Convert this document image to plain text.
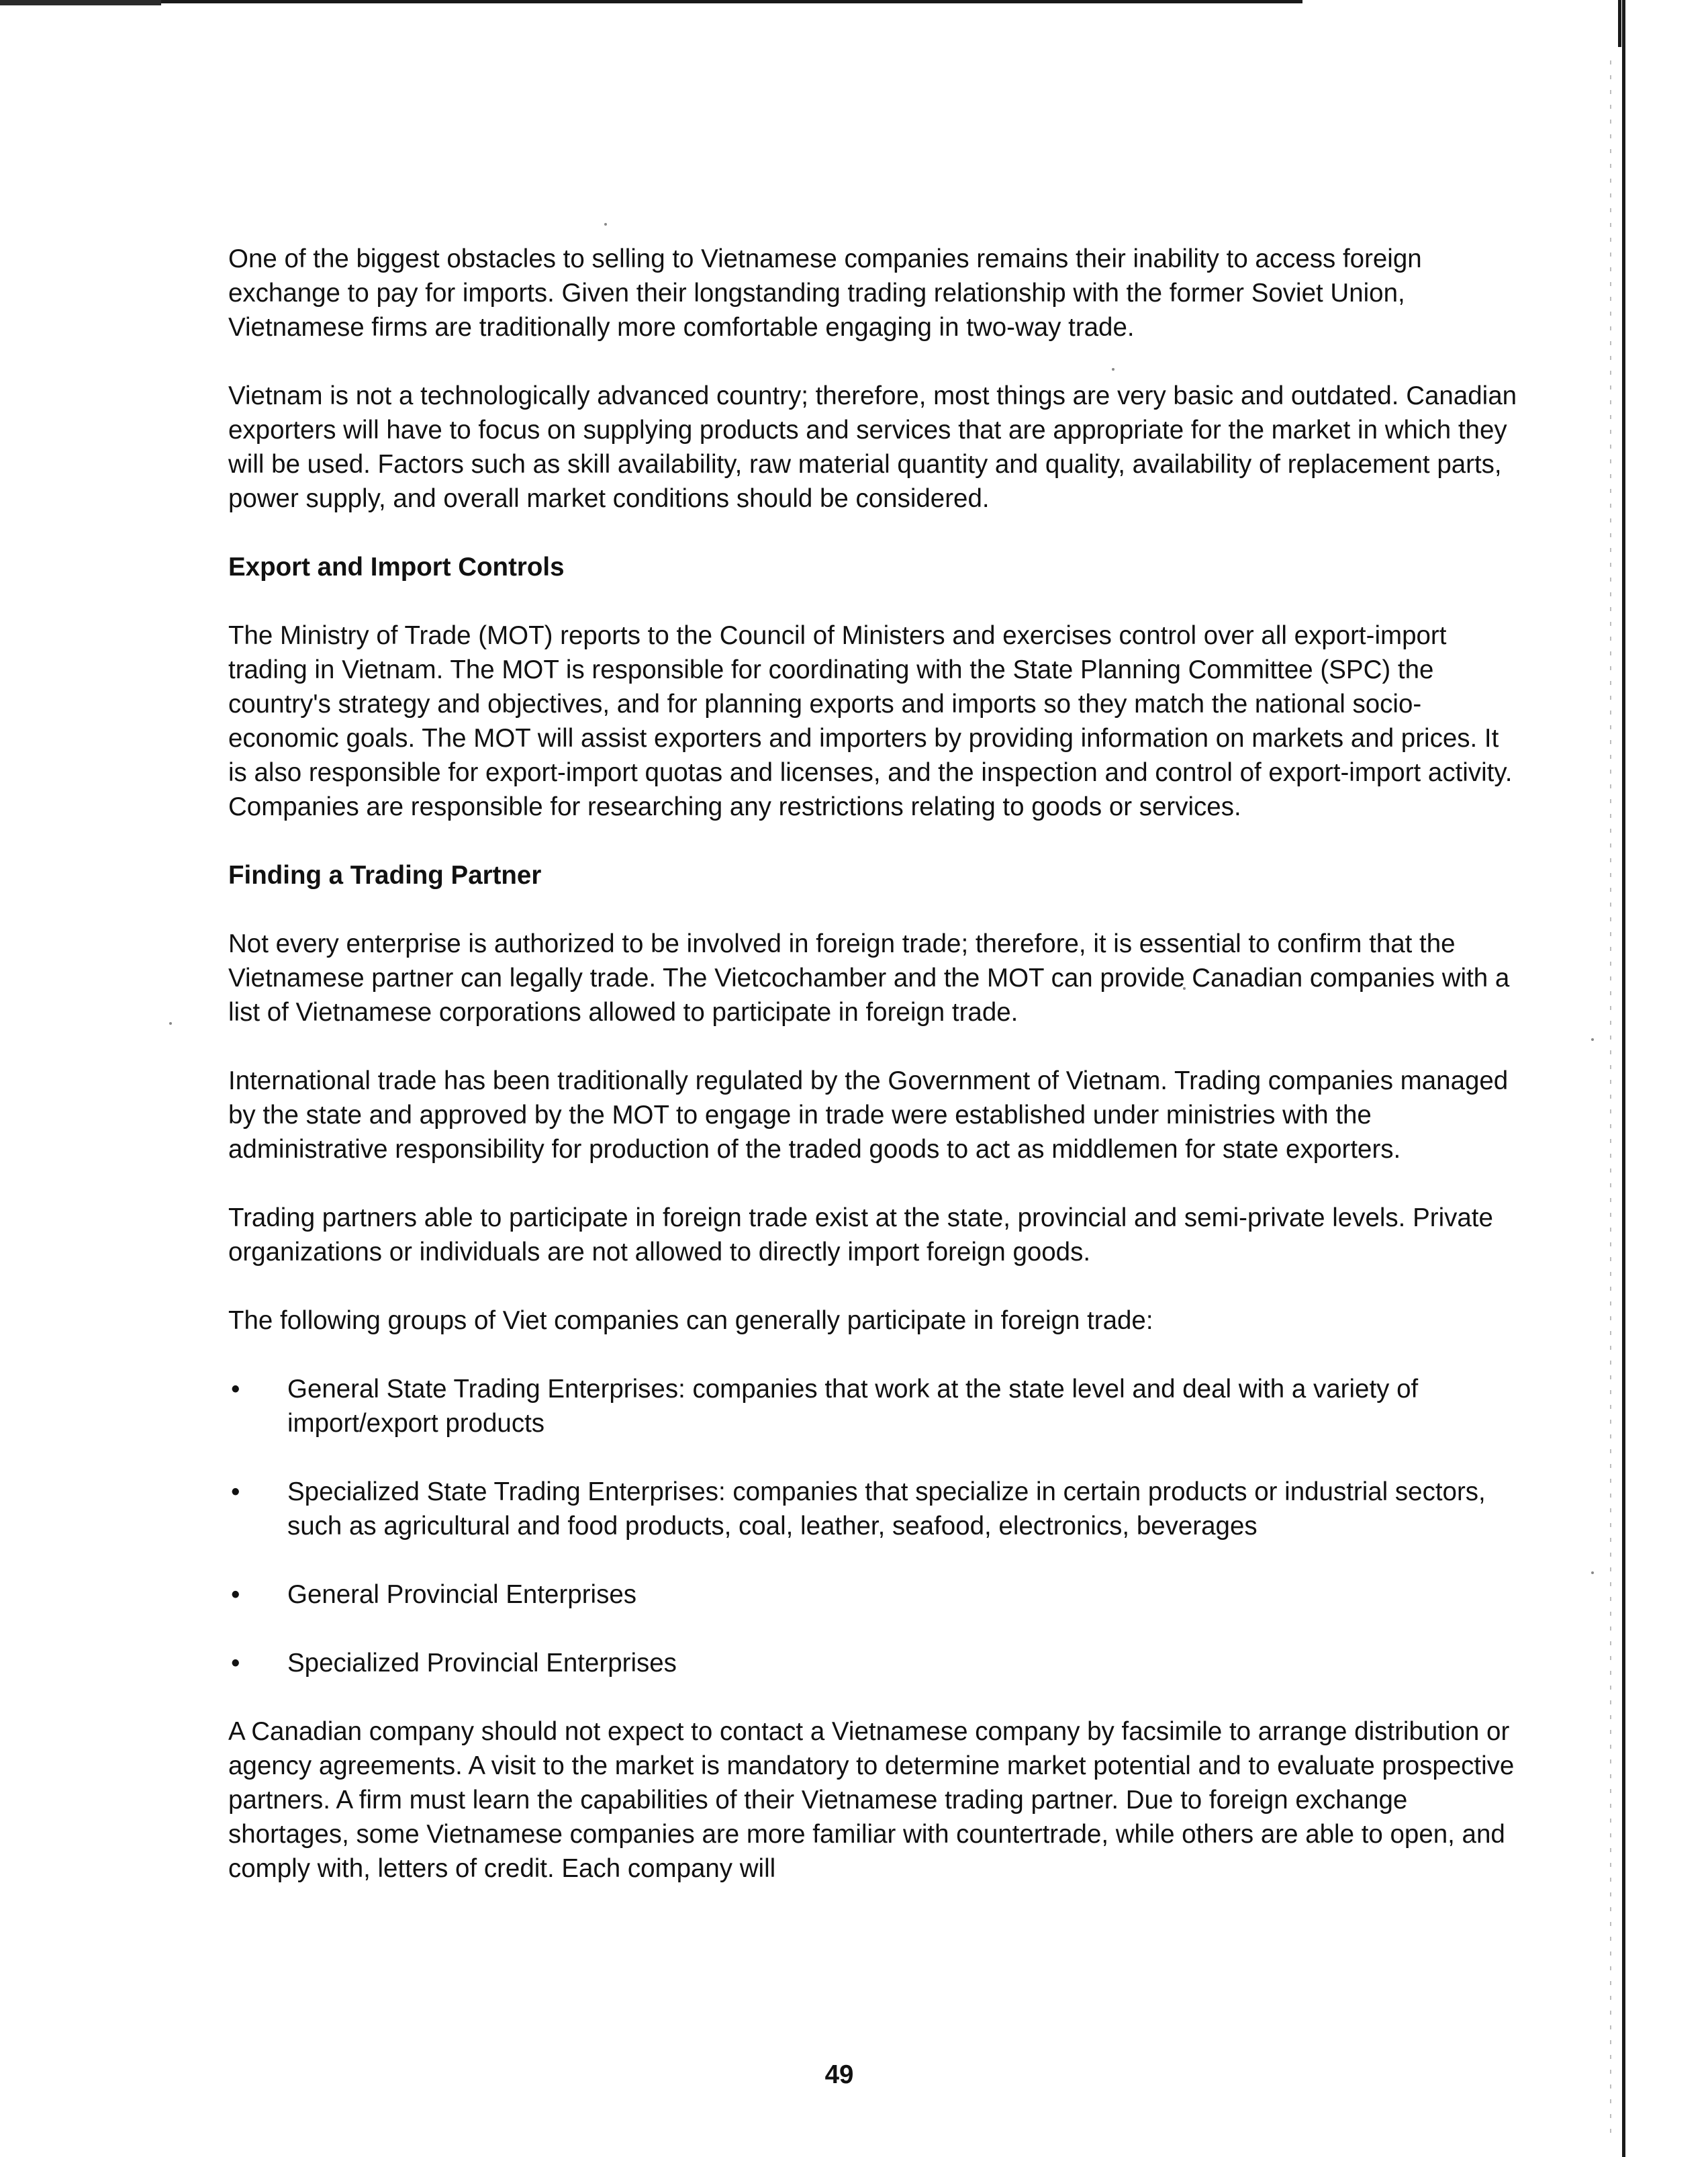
One of the biggest obstacles to selling to Vietnamese companies remains their inability to access foreign exchange to pay for imports. Given their longstanding trading relationship with the former Soviet Union, Vietnamese firms are traditionally more comfortable engaging in two-way trade.

Vietnam is not a technologically advanced country; therefore, most things are very basic and outdated. Canadian exporters will have to focus on supplying products and services that are appropriate for the market in which they will be used. Factors such as skill availability, raw material quantity and quality, availability of replacement parts, power supply, and overall market conditions should be considered.

Export and Import Controls

The Ministry of Trade (MOT) reports to the Council of Ministers and exercises control over all export-import trading in Vietnam. The MOT is responsible for coordinating with the State Planning Committee (SPC) the country's strategy and objectives, and for planning exports and imports so they match the national socio-economic goals. The MOT will assist exporters and importers by providing information on markets and prices. It is also responsible for export-import quotas and licenses, and the inspection and control of export-import activity. Companies are responsible for researching any restrictions relating to goods or services.

Finding a Trading Partner

Not every enterprise is authorized to be involved in foreign trade; therefore, it is essential to confirm that the Vietnamese partner can legally trade. The Vietcochamber and the MOT can provide Canadian companies with a list of Vietnamese corporations allowed to participate in foreign trade.

International trade has been traditionally regulated by the Government of Vietnam. Trading companies managed by the state and approved by the MOT to engage in trade were established under ministries with the administrative responsibility for production of the traded goods to act as middlemen for state exporters.

Trading partners able to participate in foreign trade exist at the state, provincial and semi-private levels. Private organizations or individuals are not allowed to directly import foreign goods.

The following groups of Viet companies can generally participate in foreign trade:

•	General State Trading Enterprises: companies that work at the state level and deal with a variety of import/export products
•	Specialized State Trading Enterprises: companies that specialize in certain products or industrial sectors, such as agricultural and food products, coal, leather, seafood, electronics, beverages
•	General Provincial Enterprises
•	Specialized Provincial Enterprises

A Canadian company should not expect to contact a Vietnamese company by facsimile to arrange distribution or agency agreements. A visit to the market is mandatory to determine market potential and to evaluate prospective partners. A firm must learn the capabilities of their Vietnamese trading partner. Due to foreign exchange shortages, some Vietnamese companies are more familiar with countertrade, while others are able to open, and comply with, letters of credit. Each company will

49
